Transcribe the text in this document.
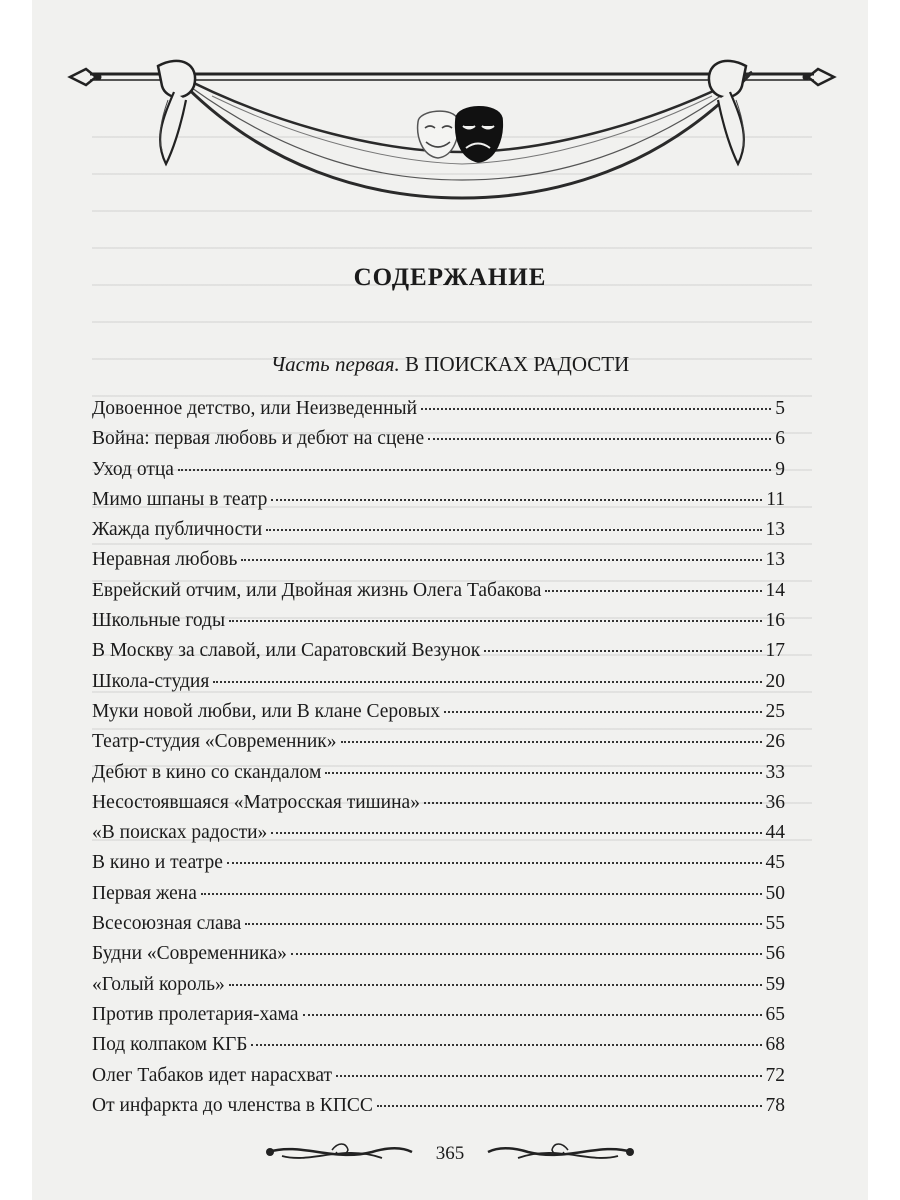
СОДЕРЖАНИЕ
Часть первая. В ПОИСКАХ РАДОСТИ
Довоенное детство, или Неизведенный	5
Война: первая любовь и дебют на сцене	6
Уход отца	9
Мимо шпаны в театр	11
Жажда публичности	13
Неравная любовь	13
Еврейский отчим, или Двойная жизнь Олега Табакова	14
Школьные годы	16
В Москву за славой, или Саратовский Везунок	17
Школа-студия	20
Муки новой любви, или В клане Серовых	25
Театр-студия «Современник»	26
Дебют в кино со скандалом	33
Несостоявшаяся «Матросская тишина»	36
«В поисках радости»	44
В кино и театре	45
Первая жена	50
Всесоюзная слава	55
Будни «Современника»	56
«Голый король»	59
Против пролетария-хама	65
Под колпаком КГБ	68
Олег Табаков идет нарасхват	72
От инфаркта до членства в КПСС	78
365
